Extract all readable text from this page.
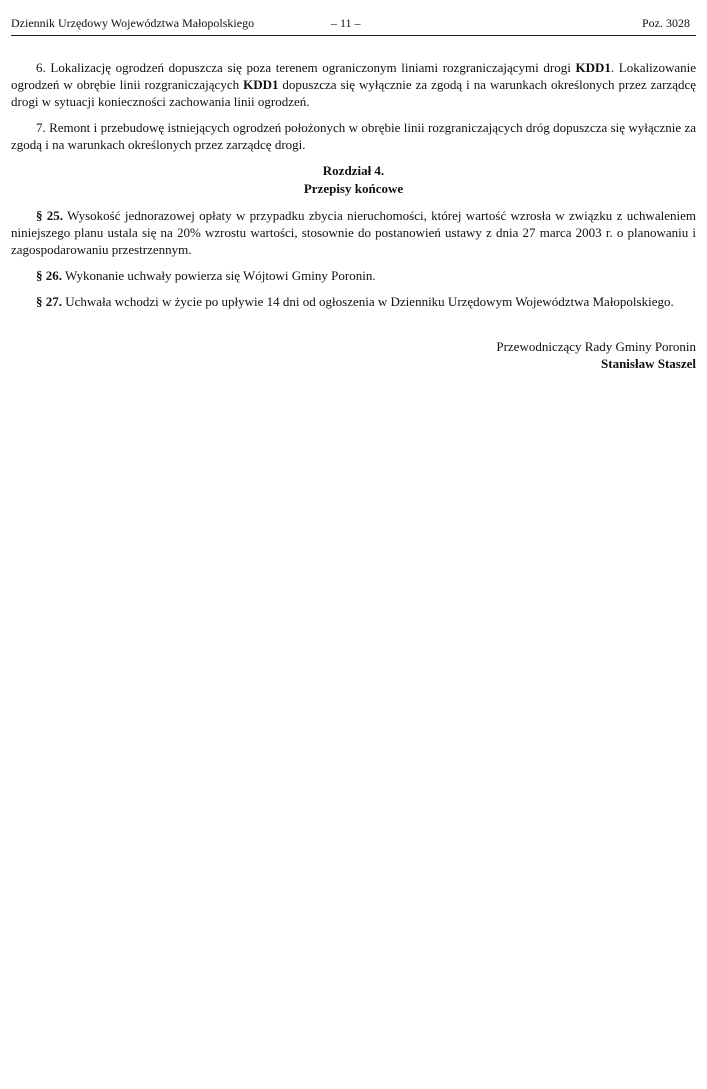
Dziennik Urzędowy Województwa Małopolskiego	– 11 –	Poz. 3028

6. Lokalizację ogrodzeń dopuszcza się poza terenem ograniczonym liniami rozgraniczającymi drogi KDD1. Lokalizowanie ogrodzeń w obrębie linii rozgraniczających KDD1 dopuszcza się wyłącznie za zgodą i na warunkach określonych przez zarządcę drogi w sytuacji konieczności zachowania linii ogrodzeń.

7. Remont i przebudowę istniejących ogrodzeń położonych w obrębie linii rozgraniczających dróg dopuszcza się wyłącznie za zgodą i na warunkach określonych przez zarządcę drogi.

Rozdział 4.
Przepisy końcowe

§ 25. Wysokość jednorazowej opłaty w przypadku zbycia nieruchomości, której wartość wzrosła w związku z uchwaleniem niniejszego planu ustala się na 20% wzrostu wartości, stosownie do postanowień ustawy z dnia 27 marca 2003 r. o planowaniu i zagospodarowaniu przestrzennym.

§ 26. Wykonanie uchwały powierza się Wójtowi Gminy Poronin.

§ 27. Uchwała wchodzi w życie po upływie 14 dni od ogłoszenia w Dzienniku Urzędowym Województwa Małopolskiego.

Przewodniczący Rady Gminy Poronin
Stanisław Staszel
